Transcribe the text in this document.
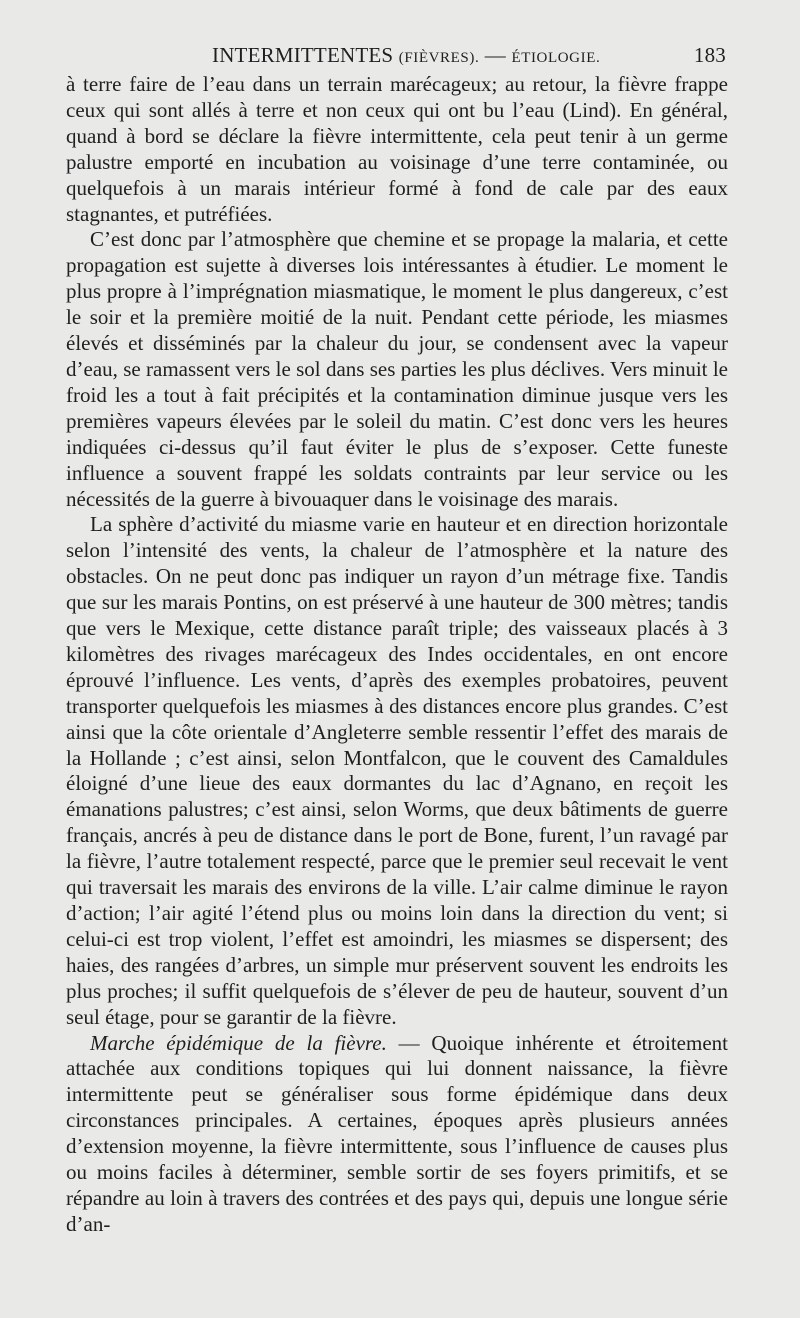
INTERMITTENTES (FIÈVRES). — ÉTIOLOGIE.	183

à terre faire de l’eau dans un terrain marécageux; au retour, la fièvre frappe ceux qui sont allés à terre et non ceux qui ont bu l’eau (Lind). En général, quand à bord se déclare la fièvre intermittente, cela peut tenir à un germe palustre emporté en incubation au voisinage d’une terre contaminée, ou quelquefois à un marais intérieur formé à fond de cale par des eaux stagnantes, et putréfiées.

C’est donc par l’atmosphère que chemine et se propage la malaria, et cette propagation est sujette à diverses lois intéressantes à étudier. Le moment le plus propre à l’imprégnation miasmatique, le moment le plus dangereux, c’est le soir et la première moitié de la nuit. Pendant cette période, les miasmes élevés et disséminés par la chaleur du jour, se condensent avec la vapeur d’eau, se ramassent vers le sol dans ses parties les plus déclives. Vers minuit le froid les a tout à fait précipités et la contamination diminue jusque vers les premières vapeurs élevées par le soleil du matin. C’est donc vers les heures indiquées ci-dessus qu’il faut éviter le plus de s’exposer. Cette funeste influence a souvent frappé les soldats contraints par leur service ou les nécessités de la guerre à bivouaquer dans le voisinage des marais.

La sphère d’activité du miasme varie en hauteur et en direction horizontale selon l’intensité des vents, la chaleur de l’atmosphère et la nature des obstacles. On ne peut donc pas indiquer un rayon d’un métrage fixe. Tandis que sur les marais Pontins, on est préservé à une hauteur de 300 mètres; tandis que vers le Mexique, cette distance paraît triple; des vaisseaux placés à 3 kilomètres des rivages marécageux des Indes occidentales, en ont encore éprouvé l’influence. Les vents, d’après des exemples probatoires, peuvent transporter quelquefois les miasmes à des distances encore plus grandes. C’est ainsi que la côte orientale d’Angleterre semble ressentir l’effet des marais de la Hollande ; c’est ainsi, selon Montfalcon, que le couvent des Camaldules éloigné d’une lieue des eaux dormantes du lac d’Agnano, en reçoit les émanations palustres; c’est ainsi, selon Worms, que deux bâtiments de guerre français, ancrés à peu de distance dans le port de Bone, furent, l’un ravagé par la fièvre, l’autre totalement respecté, parce que le premier seul recevait le vent qui traversait les marais des environs de la ville. L’air calme diminue le rayon d’action; l’air agité l’étend plus ou moins loin dans la direction du vent; si celui-ci est trop violent, l’effet est amoindri, les miasmes se dispersent; des haies, des rangées d’arbres, un simple mur préservent souvent les endroits les plus proches; il suffit quelquefois de s’élever de peu de hauteur, souvent d’un seul étage, pour se garantir de la fièvre.

Marche épidémique de la fièvre. — Quoique inhérente et étroitement attachée aux conditions topiques qui lui donnent naissance, la fièvre intermittente peut se généraliser sous forme épidémique dans deux circonstances principales. A certaines, époques après plusieurs années d’extension moyenne, la fièvre intermittente, sous l’influence de causes plus ou moins faciles à déterminer, semble sortir de ses foyers primitifs, et se répandre au loin à travers des contrées et des pays qui, depuis une longue série d’an-
